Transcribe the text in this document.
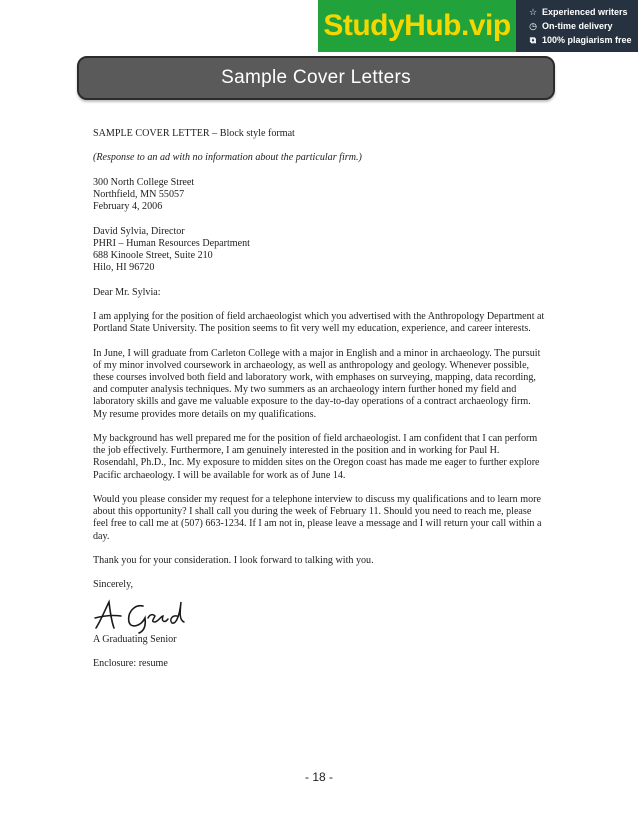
StudyHub.vip	☆ Experienced writers
◷ On-time delivery
⧉ 100% plagiarism free
Sample Cover Letters

SAMPLE COVER LETTER – Block style format

(Response to an ad with no information about the particular firm.)

300 North College Street
Northfield, MN 55057
February 4, 2006

David Sylvia, Director
PHRI – Human Resources Department
688 Kinoole Street, Suite 210
Hilo, HI 96720

Dear Mr. Sylvia:

I am applying for the position of field archaeologist which you advertised with the Anthropology Department at Portland State University. The position seems to fit very well my education, experience, and career interests.

In June, I will graduate from Carleton College with a major in English and a minor in archaeology. The pursuit of my minor involved coursework in archaeology, as well as anthropology and geology. Whenever possible, these courses involved both field and laboratory work, with emphases on surveying, mapping, data recording, and computer analysis techniques. My two summers as an archaeology intern further honed my field and laboratory skills and gave me valuable exposure to the day-to-day operations of a contract archaeology firm. My resume provides more details on my qualifications.

My background has well prepared me for the position of field archaeologist. I am confident that I can perform the job effectively. Furthermore, I am genuinely interested in the position and in working for Paul H. Rosendahl, Ph.D., Inc. My exposure to midden sites on the Oregon coast has made me eager to further explore Pacific archaeology. I will be available for work as of June 14.

Would you please consider my request for a telephone interview to discuss my qualifications and to learn more about this opportunity? I shall call you during the week of February 11. Should you need to reach me, please feel free to call me at (507) 663-1234. If I am not in, please leave a message and I will return your call within a day.

Thank you for your consideration. I look forward to talking with you.

Sincerely,

A Graduating Senior

Enclosure: resume

- 18 -
